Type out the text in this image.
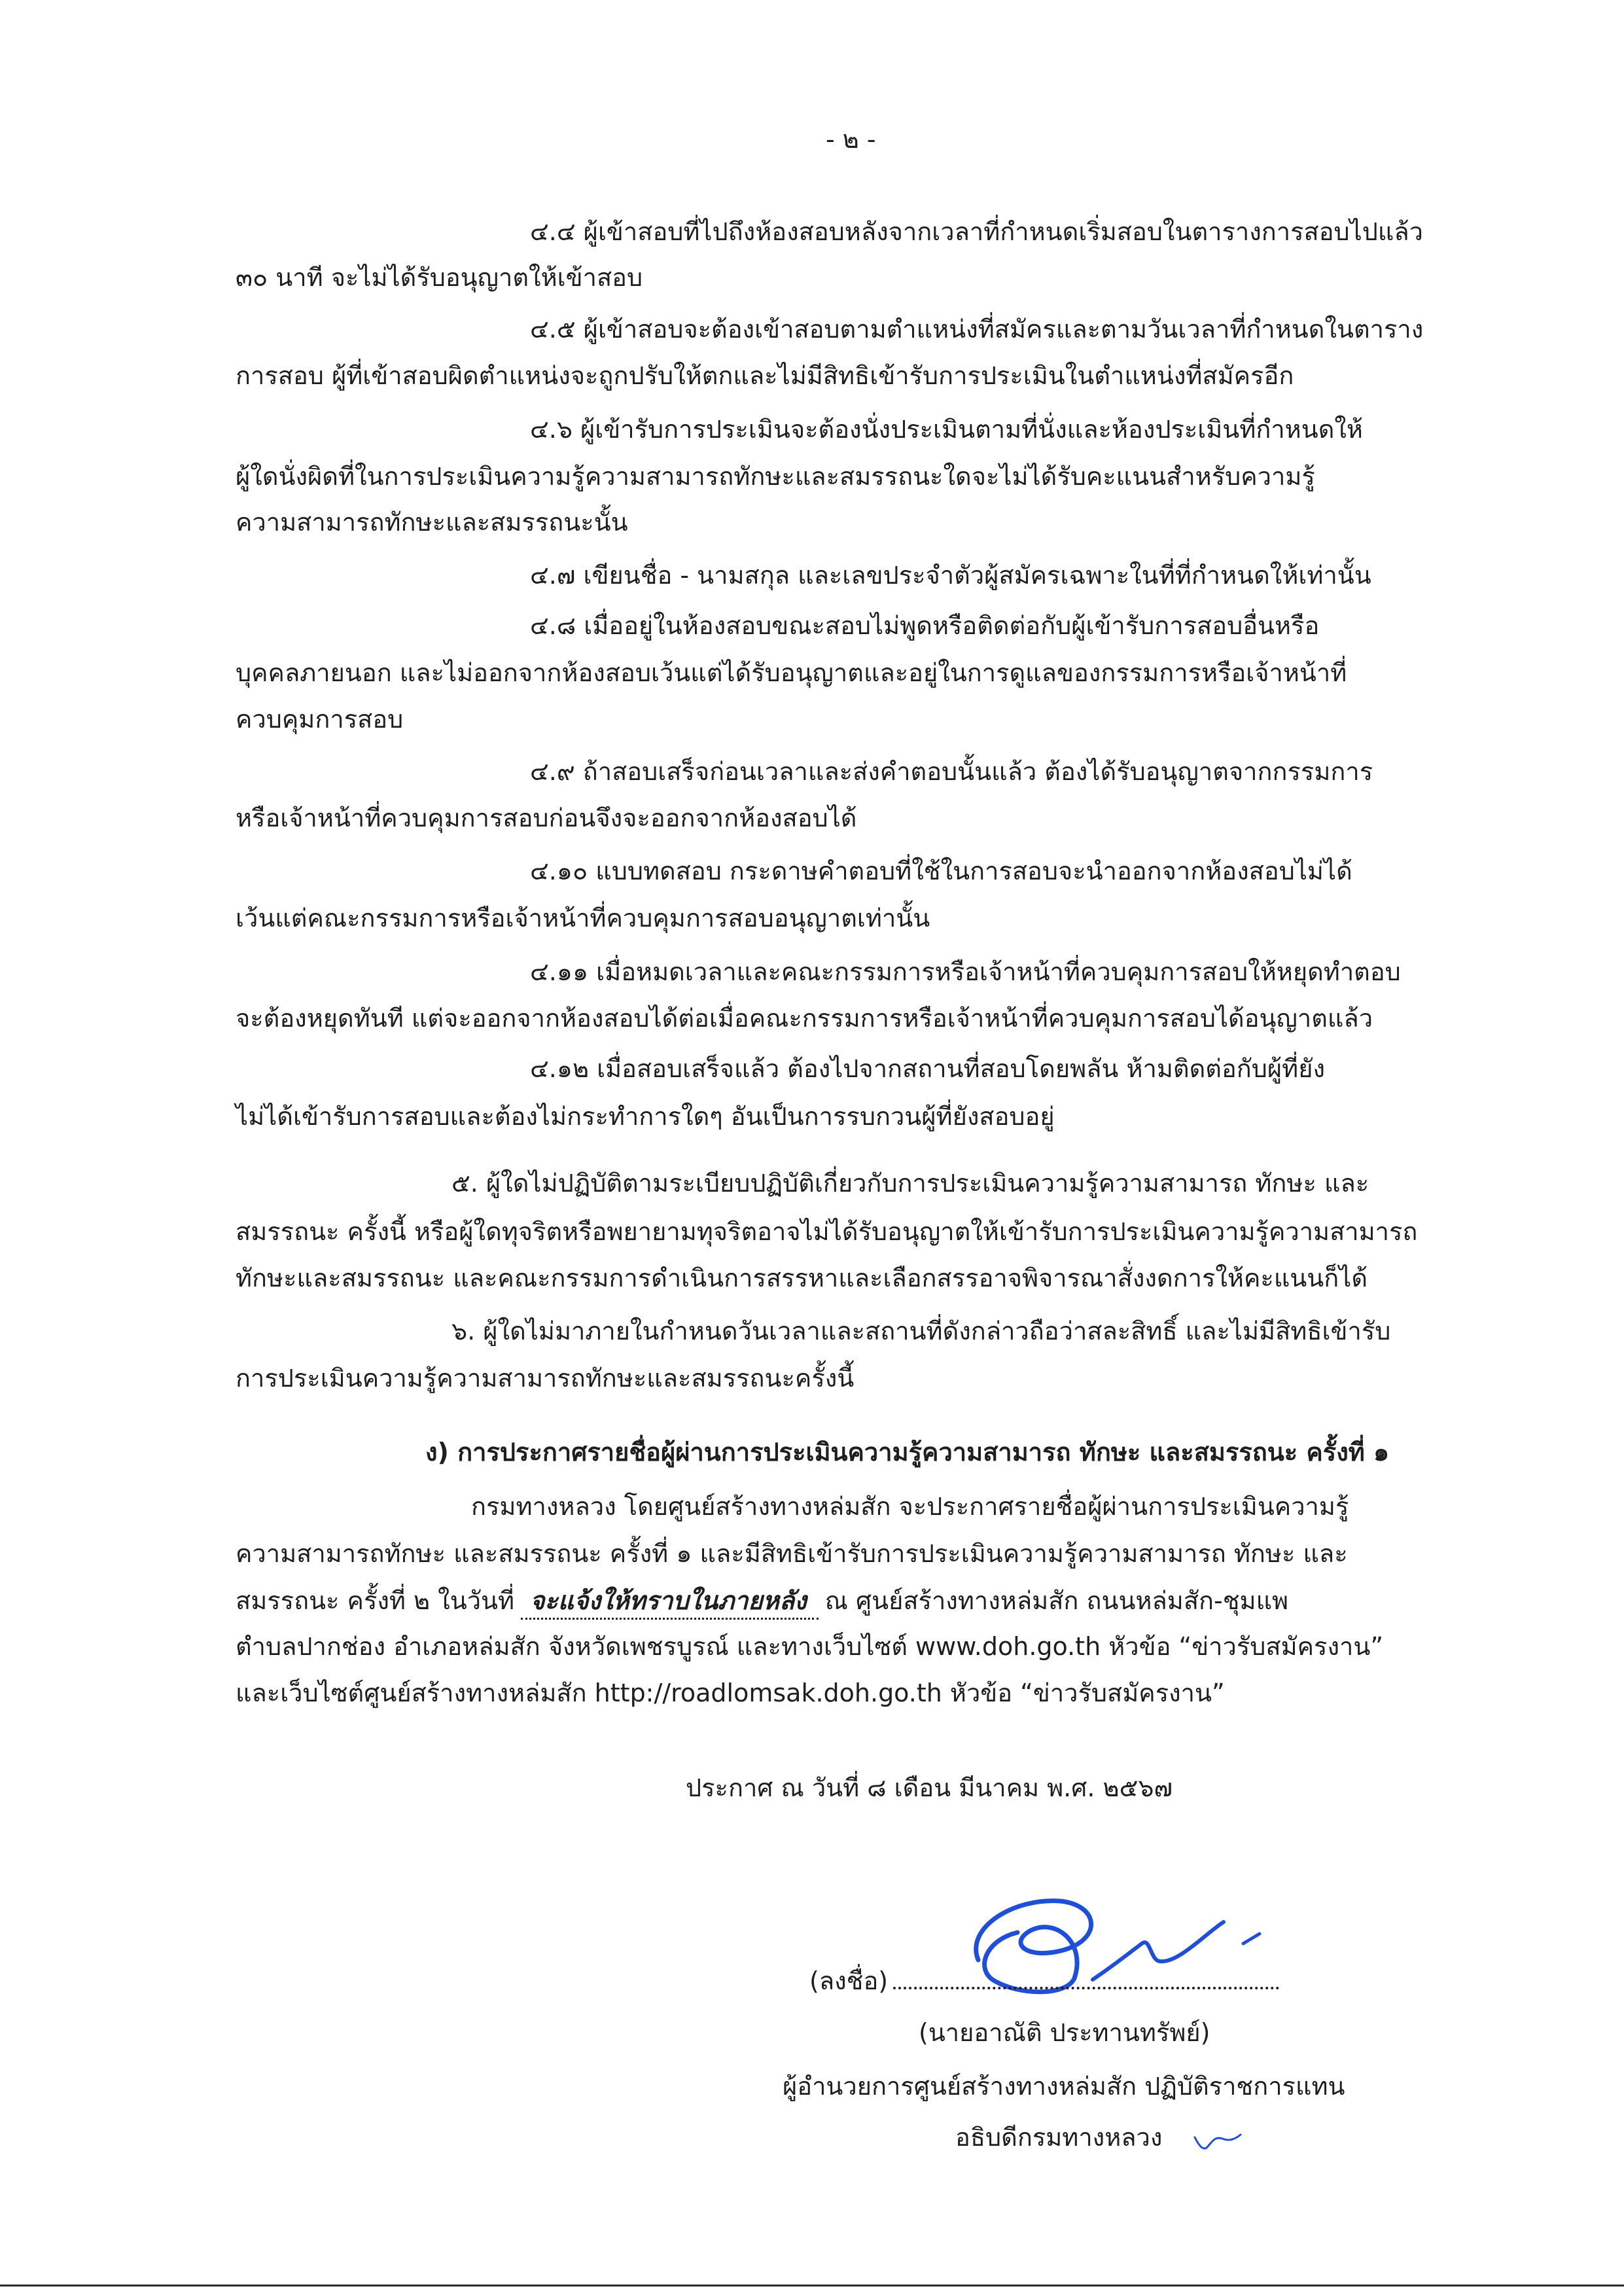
- ๒ -

๔.๔ ผู้เข้าสอบที่ไปถึงห้องสอบหลังจากเวลาที่กำหนดเริ่มสอบในตารางการสอบไปแล้ว

๓๐ นาที จะไม่ได้รับอนุญาตให้เข้าสอบ

๔.๕ ผู้เข้าสอบจะต้องเข้าสอบตามตำแหน่งที่สมัครและตามวันเวลาที่กำหนดในตาราง

การสอบ ผู้ที่เข้าสอบผิดตำแหน่งจะถูกปรับให้ตกและไม่มีสิทธิเข้ารับการประเมินในตำแหน่งที่สมัครอีก

๔.๖ ผู้เข้ารับการประเมินจะต้องนั่งประเมินตามที่นั่งและห้องประเมินที่กำหนดให้

ผู้ใดนั่งผิดที่ในการประเมินความรู้ความสามารถทักษะและสมรรถนะใดจะไม่ได้รับคะแนนสำหรับความรู้

ความสามารถทักษะและสมรรถนะนั้น

๔.๗ เขียนชื่อ - นามสกุล และเลขประจำตัวผู้สมัครเฉพาะในที่ที่กำหนดให้เท่านั้น

๔.๘ เมื่ออยู่ในห้องสอบขณะสอบไม่พูดหรือติดต่อกับผู้เข้ารับการสอบอื่นหรือ

บุคคลภายนอก และไม่ออกจากห้องสอบเว้นแต่ได้รับอนุญาตและอยู่ในการดูแลของกรรมการหรือเจ้าหน้าที่

ควบคุมการสอบ

๔.๙ ถ้าสอบเสร็จก่อนเวลาและส่งคำตอบนั้นแล้ว ต้องได้รับอนุญาตจากกรรมการ

หรือเจ้าหน้าที่ควบคุมการสอบก่อนจึงจะออกจากห้องสอบได้

๔.๑๐ แบบทดสอบ กระดาษคำตอบที่ใช้ในการสอบจะนำออกจากห้องสอบไม่ได้

เว้นแต่คณะกรรมการหรือเจ้าหน้าที่ควบคุมการสอบอนุญาตเท่านั้น

๔.๑๑ เมื่อหมดเวลาและคณะกรรมการหรือเจ้าหน้าที่ควบคุมการสอบให้หยุดทำตอบ

จะต้องหยุดทันที แต่จะออกจากห้องสอบได้ต่อเมื่อคณะกรรมการหรือเจ้าหน้าที่ควบคุมการสอบได้อนุญาตแล้ว

๔.๑๒ เมื่อสอบเสร็จแล้ว ต้องไปจากสถานที่สอบโดยพลัน ห้ามติดต่อกับผู้ที่ยัง

ไม่ได้เข้ารับการสอบและต้องไม่กระทำการใดๆ อันเป็นการรบกวนผู้ที่ยังสอบอยู่

๕. ผู้ใดไม่ปฏิบัติตามระเบียบปฏิบัติเกี่ยวกับการประเมินความรู้ความสามารถ ทักษะ และ

สมรรถนะ ครั้งนี้ หรือผู้ใดทุจริตหรือพยายามทุจริตอาจไม่ได้รับอนุญาตให้เข้ารับการประเมินความรู้ความสามารถ

ทักษะและสมรรถนะ และคณะกรรมการดำเนินการสรรหาและเลือกสรรอาจพิจารณาสั่งงดการให้คะแนนก็ได้

๖. ผู้ใดไม่มาภายในกำหนดวันเวลาและสถานที่ดังกล่าวถือว่าสละสิทธิ์ และไม่มีสิทธิเข้ารับ

การประเมินความรู้ความสามารถทักษะและสมรรถนะครั้งนี้

ง) การประกาศรายชื่อผู้ผ่านการประเมินความรู้ความสามารถ ทักษะ และสมรรถนะ ครั้งที่ ๑

กรมทางหลวง โดยศูนย์สร้างทางหล่มสัก จะประกาศรายชื่อผู้ผ่านการประเมินความรู้

ความสามารถทักษะ และสมรรถนะ ครั้งที่ ๑ และมีสิทธิเข้ารับการประเมินความรู้ความสามารถ ทักษะ และ

สมรรถนะ ครั้งที่ ๒ ในวันที่ จะแจ้งให้ทราบในภายหลัง ณ ศูนย์สร้างทางหล่มสัก ถนนหล่มสัก-ชุมแพ

ตำบลปากช่อง อำเภอหล่มสัก จังหวัดเพชรบูรณ์ และทางเว็บไซต์ www.doh.go.th หัวข้อ “ข่าวรับสมัครงาน”

และเว็บไซต์ศูนย์สร้างทางหล่มสัก http://roadlomsak.doh.go.th หัวข้อ “ข่าวรับสมัครงาน”

ประกาศ ณ วันที่ ๘ เดือน มีนาคม พ.ศ. ๒๕๖๗

(ลงชื่อ)

(นายอาณัติ ประทานทรัพย์)

ผู้อำนวยการศูนย์สร้างทางหล่มสัก ปฏิบัติราชการแทน

อธิบดีกรมทางหลวง
